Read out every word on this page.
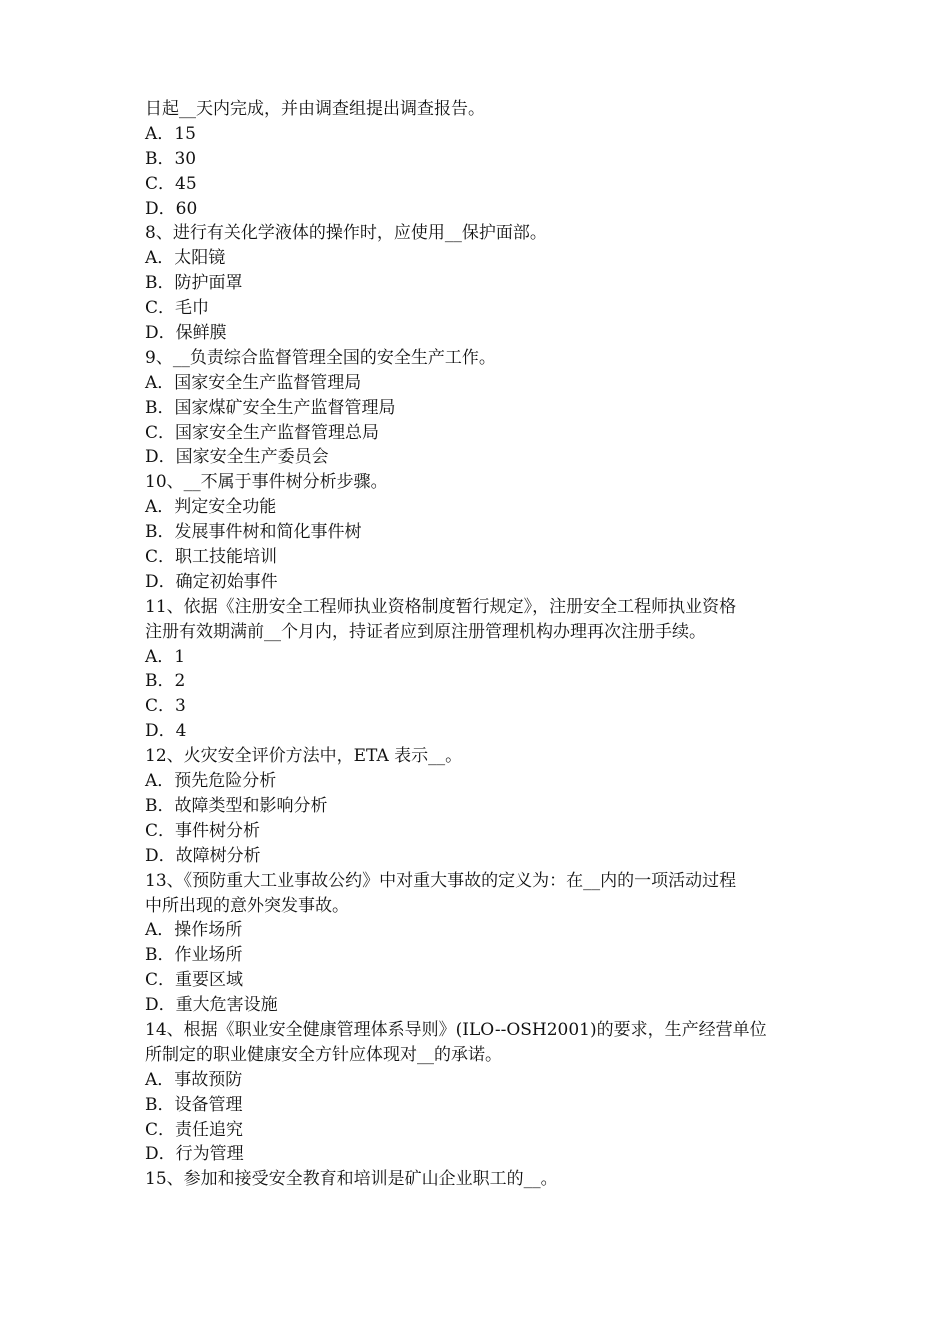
日起__天内完成，并由调查组提出调查报告。
A．15
B．30
C．45
D．60
8、进行有关化学液体的操作时，应使用__保护面部。
A．太阳镜
B．防护面罩
C．毛巾
D．保鲜膜
9、__负责综合监督管理全国的安全生产工作。
A．国家安全生产监督管理局
B．国家煤矿安全生产监督管理局
C．国家安全生产监督管理总局
D．国家安全生产委员会
10、__不属于事件树分析步骤。
A．判定安全功能
B．发展事件树和简化事件树
C．职工技能培训
D．确定初始事件
11、依据《注册安全工程师执业资格制度暂行规定》，注册安全工程师执业资格
注册有效期满前__个月内，持证者应到原注册管理机构办理再次注册手续。
A．1
B．2
C．3
D．4
12、火灾安全评价方法中，ETA 表示__。
A．预先危险分析
B．故障类型和影响分析
C．事件树分析
D．故障树分析
13、《预防重大工业事故公约》中对重大事故的定义为：在__内的一项活动过程
中所出现的意外突发事故。
A．操作场所
B．作业场所
C．重要区域
D．重大危害设施
14、根据《职业安全健康管理体系导则》(ILO--OSH2001)的要求，生产经营单位
所制定的职业健康安全方针应体现对__的承诺。
A．事故预防
B．设备管理
C．责任追究
D．行为管理
15、参加和接受安全教育和培训是矿山企业职工的__。
